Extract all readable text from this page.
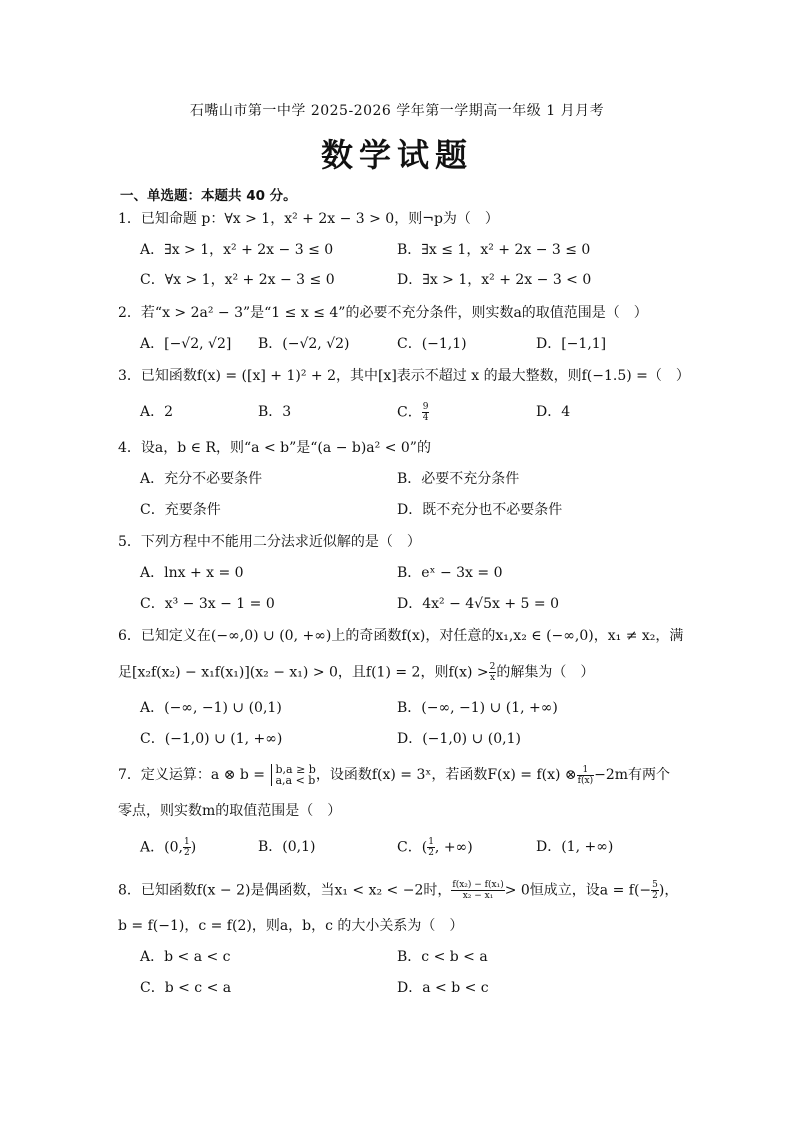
石嘴山市第一中学 2025-2026 学年第一学期高一年级 1 月月考
数学试题
一、单选题：本题共 40 分。
1．已知命题 p：∀x > 1，x² + 2x − 3 > 0，则¬p为（　）
A．∃x > 1，x² + 2x − 3 ≤ 0	B．∃x ≤ 1，x² + 2x − 3 ≤ 0
C．∀x > 1，x² + 2x − 3 ≤ 0	D．∃x > 1，x² + 2x − 3 < 0
2．若“x > 2a² − 3”是“1 ≤ x ≤ 4”的必要不充分条件，则实数a的取值范围是（　）
A．[−√2, √2] B．(−√2, √2)	C．(−1,1)	D．[−1,1]
3．已知函数f(x) = ([x] + 1)² + 2，其中[x]表示不超过 x 的最大整数，则f(−1.5) =（　）
A．2	B．3	C． $\frac{9}{4}$	D．4
4．设a，b ∈ R，则“a < b”是“(a − b)a² < 0”的
A．充分不必要条件	B．必要不充分条件
C．充要条件	D．既不充分也不必要条件
5．下列方程中不能用二分法求近似解的是（　）
A．lnx + x = 0	B．eˣ − 3x = 0
C．x³ − 3x − 1 = 0	D．4x² − 4√5x + 5 = 0
6．已知定义在(−∞,0) ∪ (0, +∞)上的奇函数f(x)，对任意的x₁,x₂ ∈ (−∞,0)，x₁ ≠ x₂，满
足[x₂f(x₂) − x₁f(x₁)](x₂ − x₁) > 0，且f(1) = 2，则$f(x) > \frac{2}{x}$ 的解集为（　）
A．(−∞, −1) ∪ (0,1)	B．(−∞, −1) ∪ (1, +∞)
C．(−1,0) ∪ (1, +∞)	D．(−1,0) ∪ (0,1)
7．定义运算：a ⊗ b = b,a ≥ b
a,a < b ，设函数f(x) = 3ˣ，若函数F(x) = f(x) ⊗ $\frac{1}{f(x)} -2m$有两个
零点，则实数m的取值范围是（　）
A．(0, $\frac{1}{2}$ )	B．(0,1)	C．( $\frac{1}{2}$ , +∞)	D．(1, +∞)
8．已知函数f(x − 2)是偶函数，当x₁ < x₂ < −2时， $\frac{\text{f(x₂) − f(x₁)}}{\text{x₂ − x₁}} > 0$恒成立，设$a = f(- \frac{5}{2}$ )，
b = f(−1)，c = f(2)，则a，b，c 的大小关系为（　）
A．b < a < c	B．c < b < a
C．b < c < a	D．a < b < c
